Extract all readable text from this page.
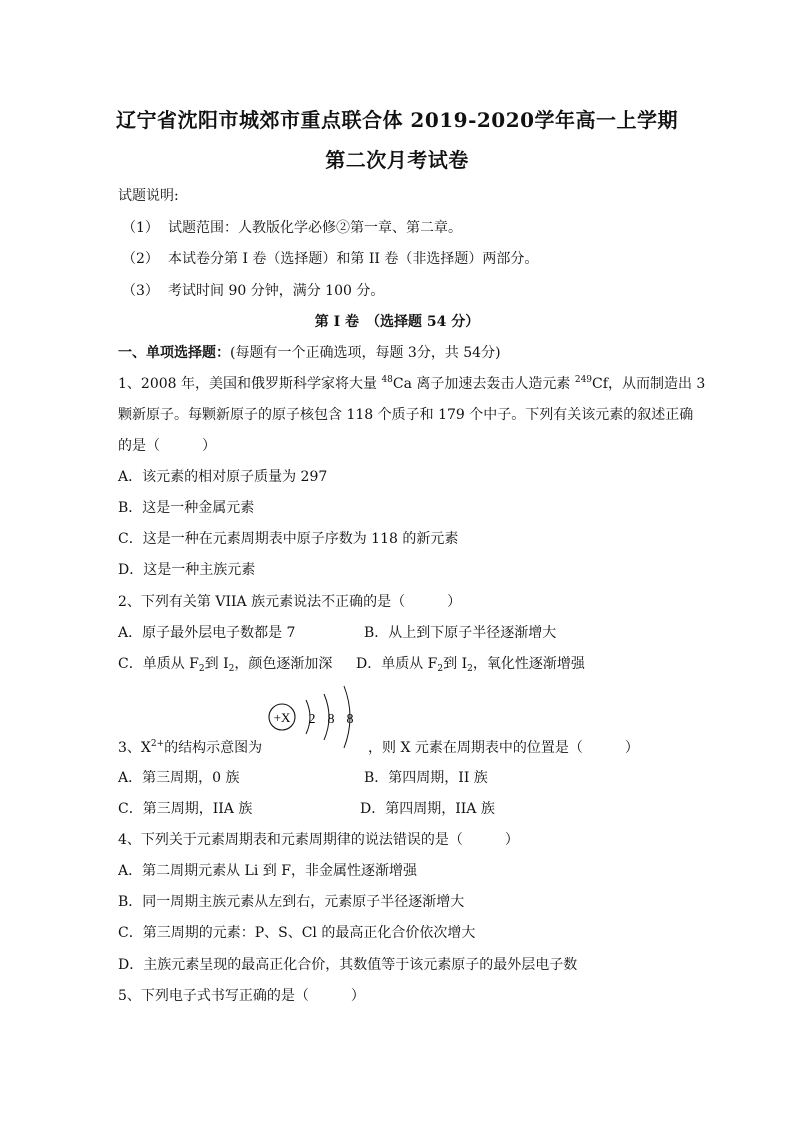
辽宁省沈阳市城郊市重点联合体 2019-2020学年高一上学期
第二次月考试卷
试题说明:
（1） 试题范围：人教版化学必修②第一章、第二章。
（2） 本试卷分第 I 卷（选择题）和第 II 卷（非选择题）两部分。
（3） 考试时间 90 分钟，满分 100 分。
第 I 卷　（选择题 54 分）
一、单项选择题：(每题有一个正确选项，每题 3分，共 54分)
1、2008 年，美国和俄罗斯科学家将大量 $^{48}$Ca 离子加速去轰击人造元素 $^{249}$Cf，从而制造出 3
颗新原子。每颗新原子的原子核包含 118 个质子和 179 个中子。下列有关该元素的叙述正确
的是（　　　）
A．该元素的相对原子质量为 297
B．这是一种金属元素
C．这是一种在元素周期表中原子序数为 118 的新元素
D．这是一种主族元素
2、下列有关第 VIIA 族元素说法不正确的是（　　　）
A．原子最外层电子数都是 7	B．从上到下原子半径逐渐增大
C．单质从 $F_2$到 $I_2$，颜色逐渐加深 D．单质从 $F_2$到 $I_2$，氧化性逐渐增强
+X 2 8 8
3、$X^{2+}$的结构示意图为	，则 X 元素在周期表中的位置是（　　　）
A．第三周期，0 族	B．第四周期，II 族
C．第三周期，IIA 族	D．第四周期，IIA 族
4、下列关于元素周期表和元素周期律的说法错误的是（　　　）
A．第二周期元素从 Li 到 F，非金属性逐渐增强
B．同一周期主族元素从左到右，元素原子半径逐渐增大
C．第三周期的元素：P、S、Cl 的最高正化合价依次增大
D．主族元素呈现的最高正化合价，其数值等于该元素原子的最外层电子数
5、下列电子式书写正确的是（　　　）
